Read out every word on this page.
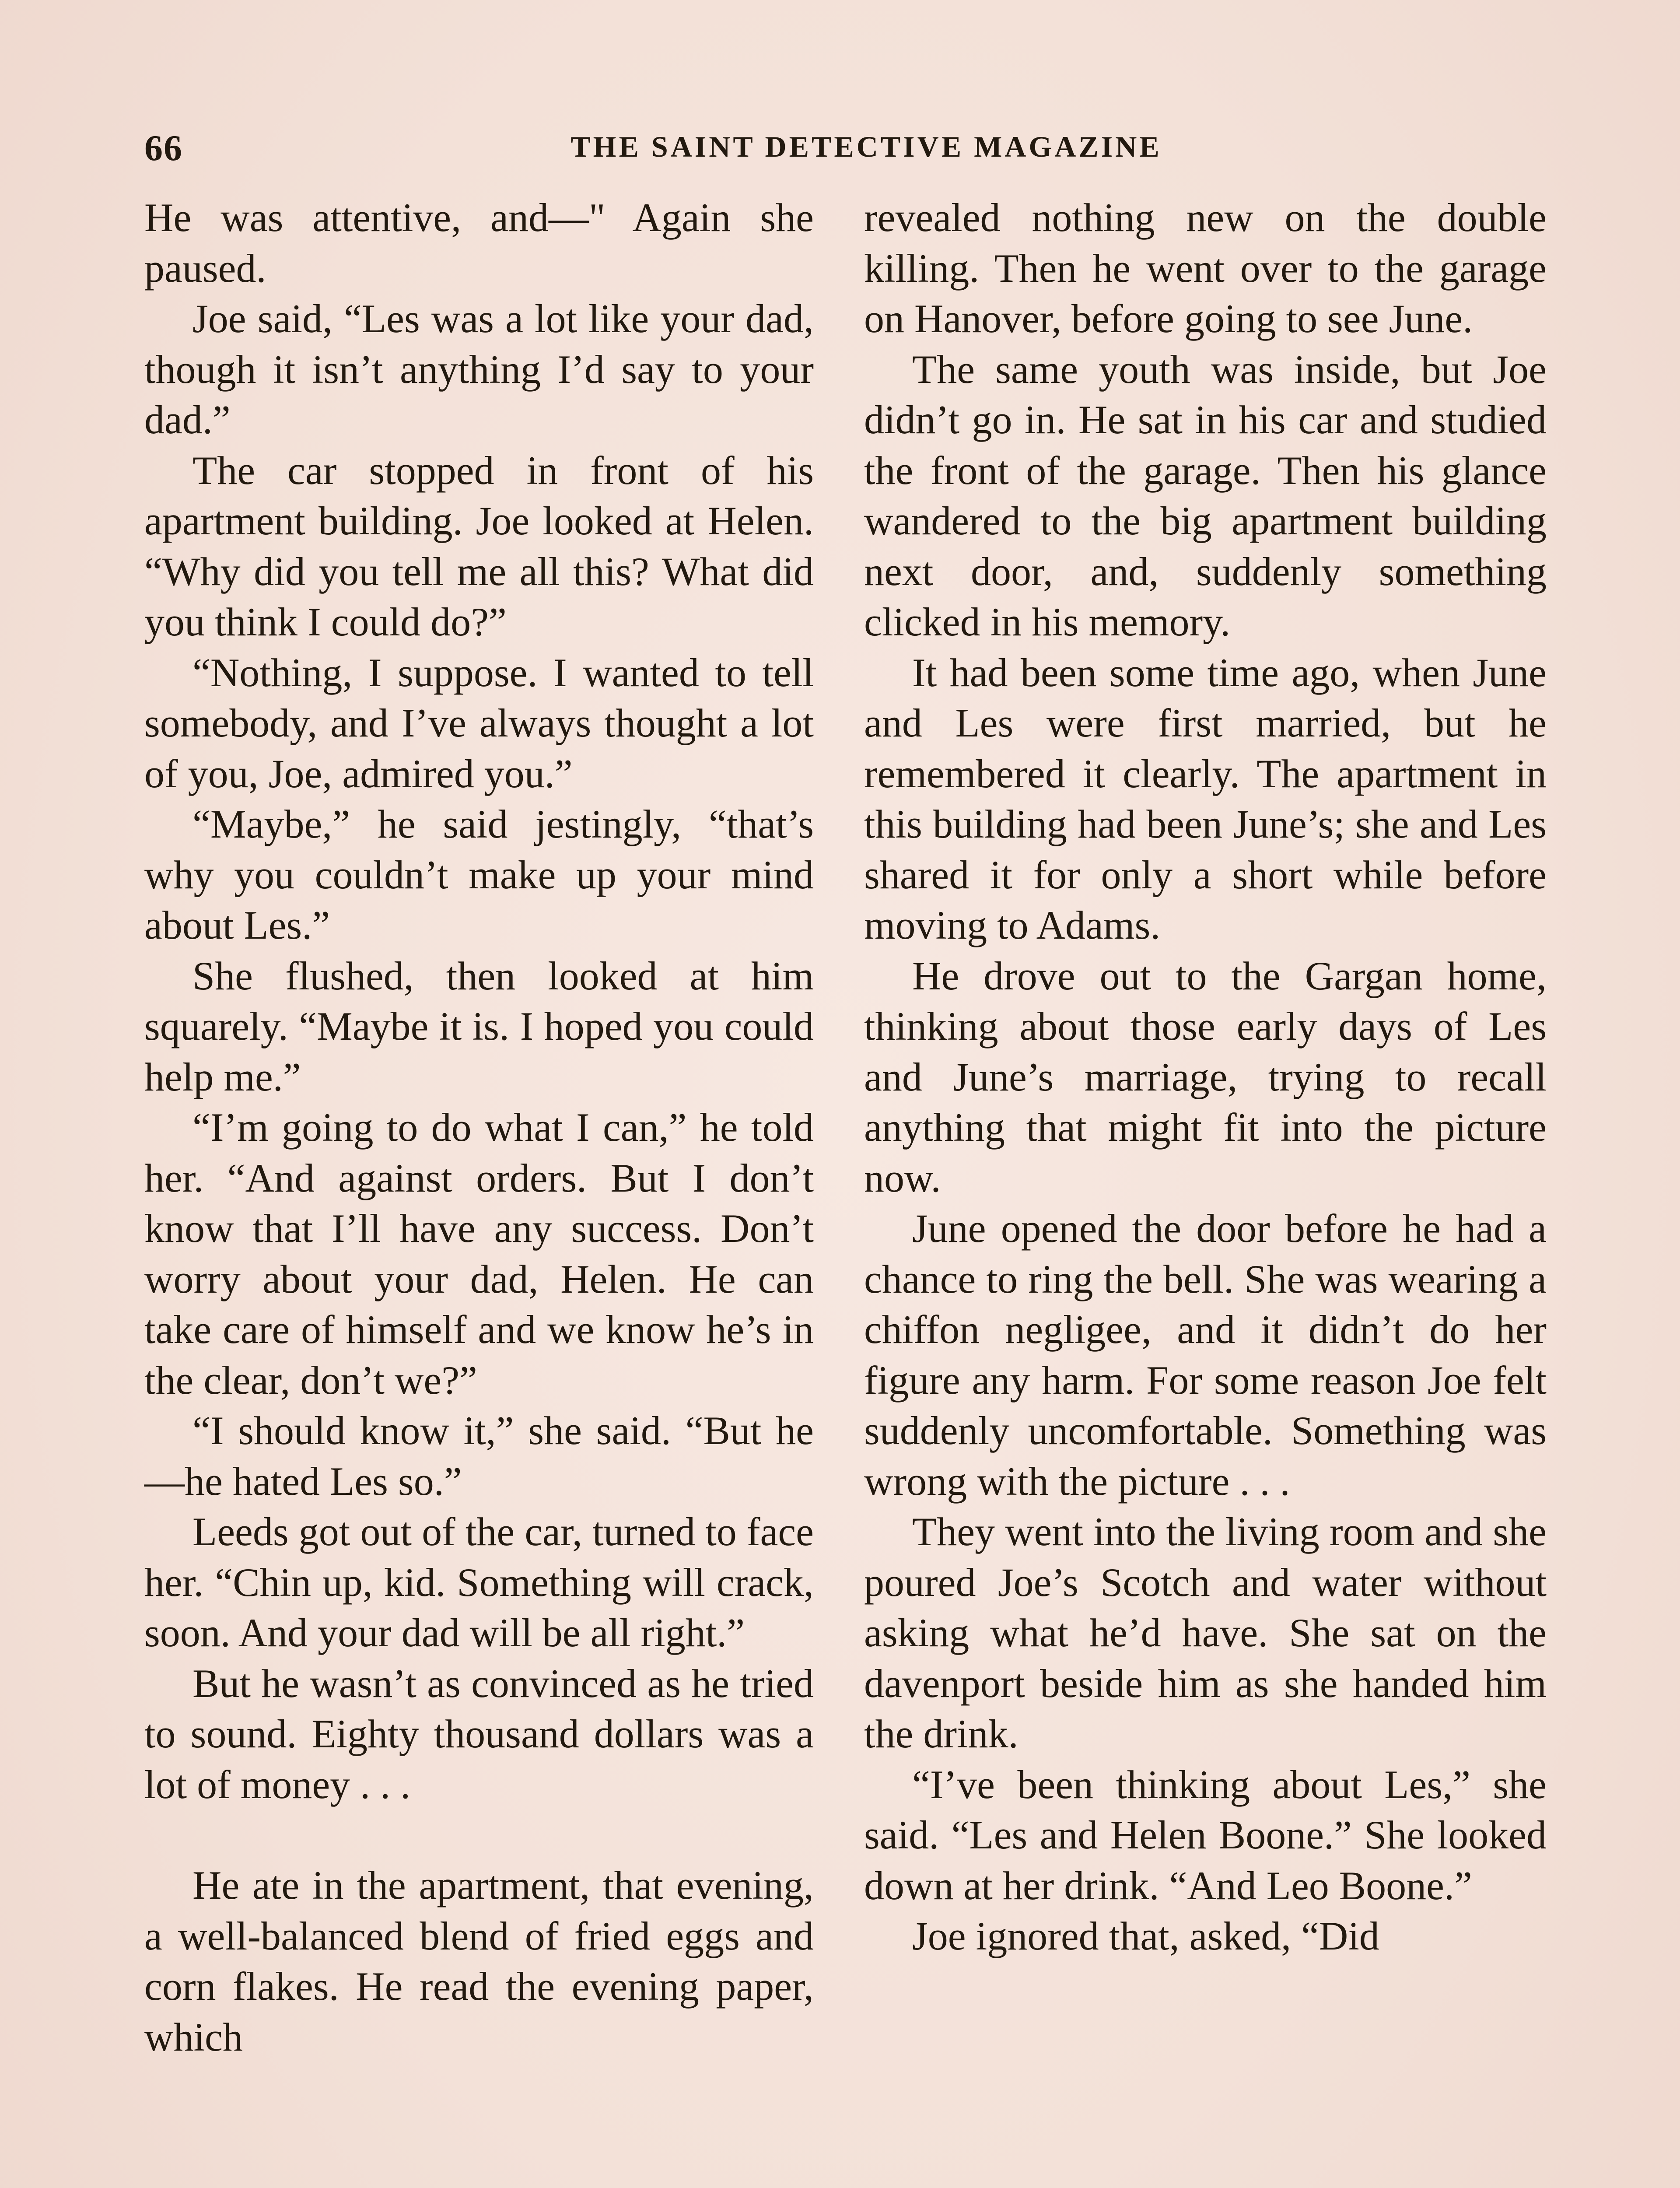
66	THE SAINT DETECTIVE MAGAZINE

He was attentive, and—" Again she paused.

Joe said, “Les was a lot like your dad, though it isn’t anything I’d say to your dad.”

The car stopped in front of his apartment building. Joe looked at Helen. “Why did you tell me all this? What did you think I could do?”

“Nothing, I suppose. I wanted to tell somebody, and I’ve always thought a lot of you, Joe, admired you.”

“Maybe,” he said jestingly, “that’s why you couldn’t make up your mind about Les.”

She flushed, then looked at him squarely. “Maybe it is. I hoped you could help me.”

“I’m going to do what I can,” he told her. “And against orders. But I don’t know that I’ll have any success. Don’t worry about your dad, Helen. He can take care of himself and we know he’s in the clear, don’t we?”

“I should know it,” she said. “But he—he hated Les so.”

Leeds got out of the car, turned to face her. “Chin up, kid. Something will crack, soon. And your dad will be all right.”

But he wasn’t as convinced as he tried to sound. Eighty thousand dollars was a lot of money . . .

He ate in the apartment, that evening, a well-balanced blend of fried eggs and corn flakes. He read the evening paper, which

revealed nothing new on the double killing. Then he went over to the garage on Hanover, before going to see June.

The same youth was inside, but Joe didn’t go in. He sat in his car and studied the front of the garage. Then his glance wandered to the big apartment building next door, and, suddenly something clicked in his memory.

It had been some time ago, when June and Les were first married, but he remembered it clearly. The apartment in this building had been June’s; she and Les shared it for only a short while before moving to Adams.

He drove out to the Gargan home, thinking about those early days of Les and June’s marriage, trying to recall anything that might fit into the picture now.

June opened the door before he had a chance to ring the bell. She was wearing a chiffon negligee, and it didn’t do her figure any harm. For some reason Joe felt suddenly uncomfortable. Something was wrong with the picture . . .

They went into the living room and she poured Joe’s Scotch and water without asking what he’d have. She sat on the davenport beside him as she handed him the drink.

“I’ve been thinking about Les,” she said. “Les and Helen Boone.” She looked down at her drink. “And Leo Boone.”

Joe ignored that, asked, “Did
